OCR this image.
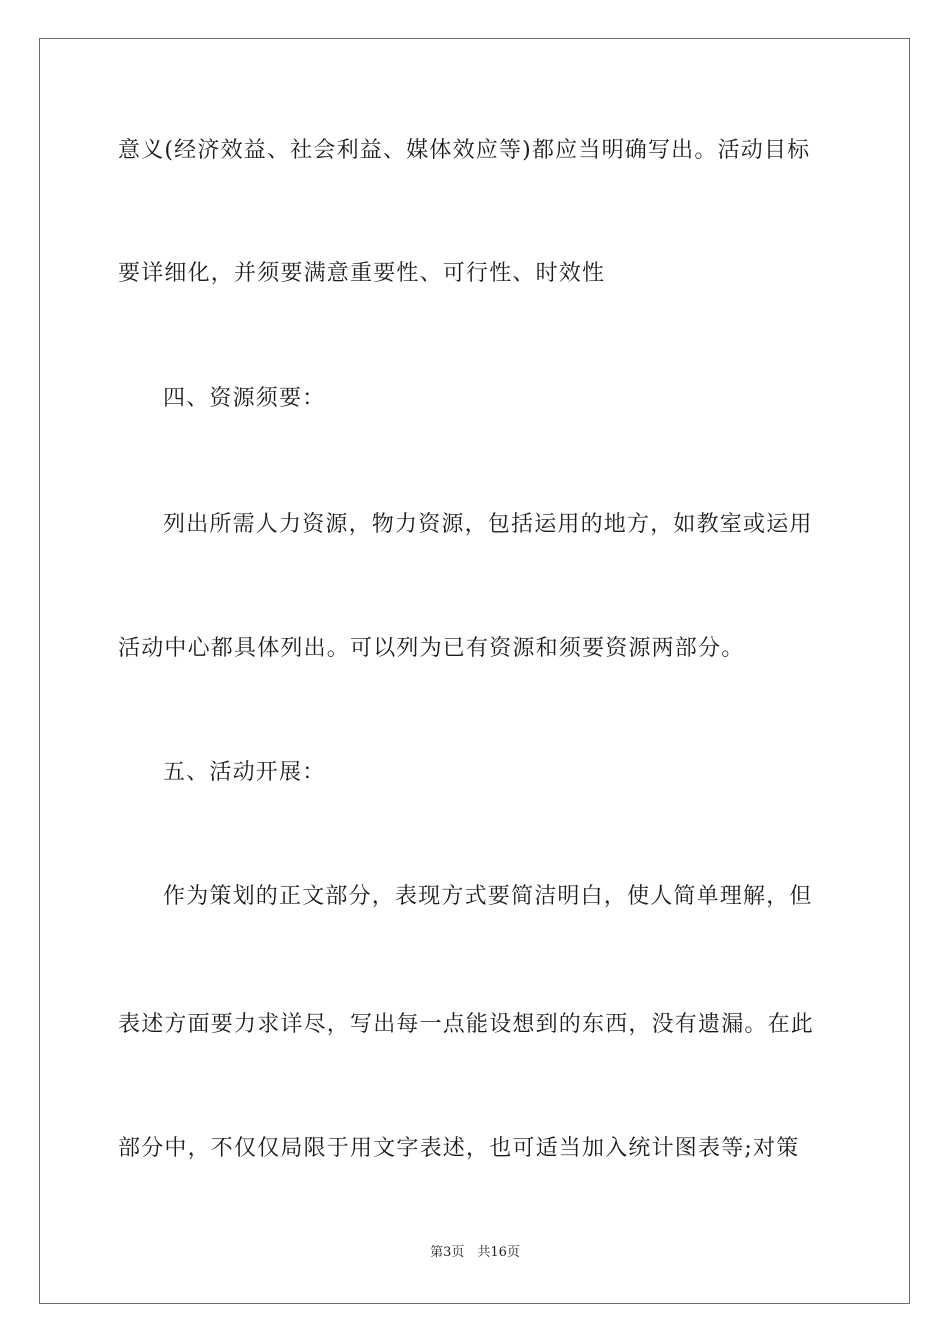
意义(经济效益、社会利益、媒体效应等)都应当明确写出。活动目标
要详细化，并须要满意重要性、可行性、时效性
四、资源须要：
列出所需人力资源，物力资源，包括运用的地方，如教室或运用
活动中心都具体列出。可以列为已有资源和须要资源两部分。
五、活动开展：
作为策划的正文部分，表现方式要简洁明白，使人简单理解，但
表述方面要力求详尽，写出每一点能设想到的东西，没有遗漏。在此
部分中，不仅仅局限于用文字表述，也可适当加入统计图表等;对策
第3页　共16页
